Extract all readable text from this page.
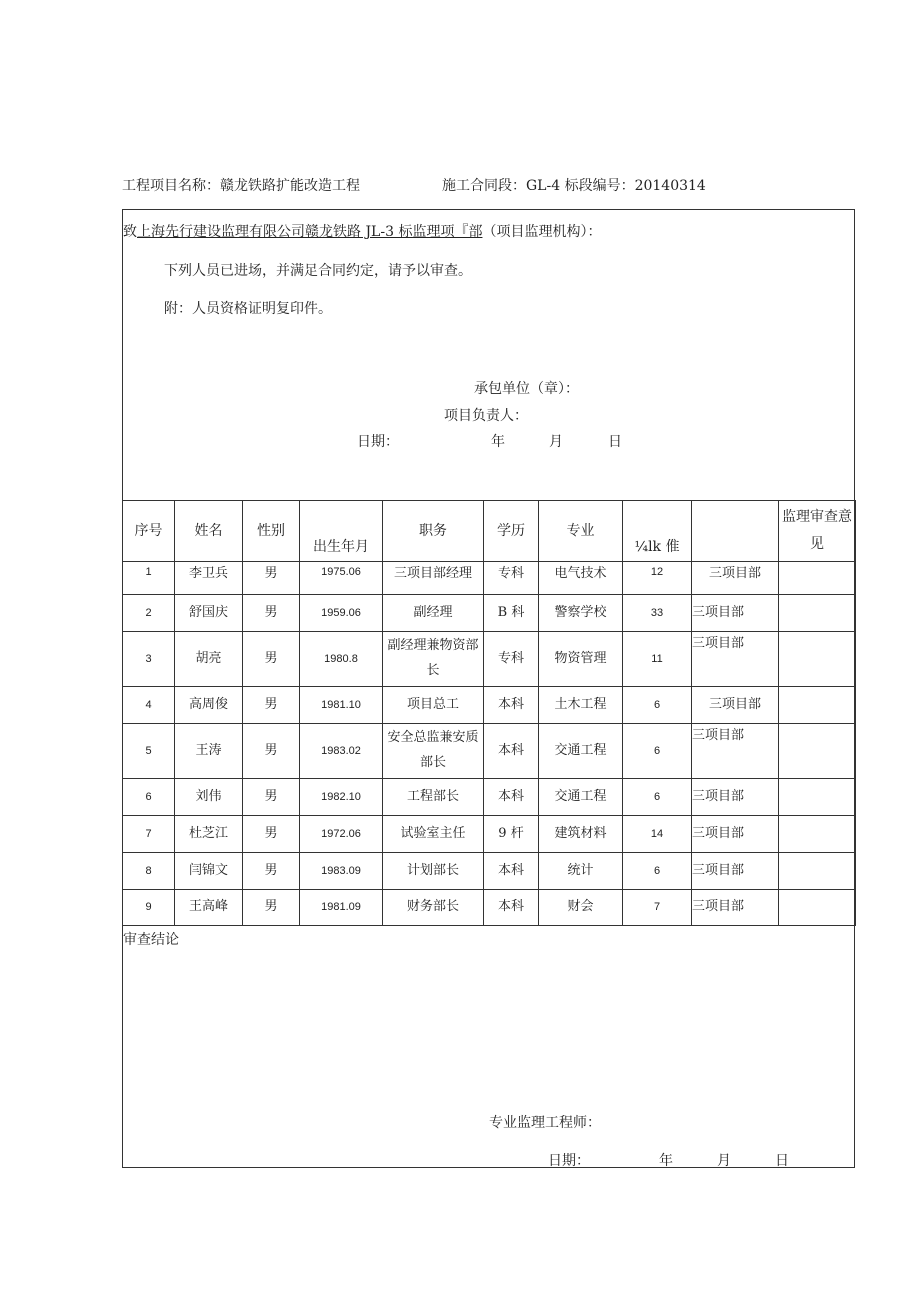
工程项目名称：赣龙铁路扩能改造工程	施工合同段：GL-4 标段编号：20140314
致上海先行建设监理有限公司赣龙铁路 JL-3 标监理项『部（项目监理机构）：
下列人员已进场，并满足合同约定，请予以审查。
附：人员资格证明复印件。
承包单位（章）：
项目负责人：
日期：	年	月	日
序号	姓名	性别	出生年月	职务	学历	专业	¼lk 倠		监理审查意见
1	李卫兵	男	1975.06	三项目部经理	专科	电气技术	12	三项目部	
2	舒国庆	男	1959.06	副经理	B 科	警察学校	33	三项目部	
3	胡亮	男	1980.8	副经理兼物资部长	专科	物资管理	11	三项目部	
4	高周俊	男	1981.10	项目总工	本科	土木工程	6	三项目部	
5	王涛	男	1983.02	安全总监兼安质部长	本科	交通工程	6	三项目部	
6	刘伟	男	1982.10	工程部长	本科	交通工程	6	三项目部	
7	杜芝江	男	1972.06	试验室主任	9 杆	建筑材料	14	三项目部	
8	闫锦文	男	1983.09	计划部长	本科	统计	6	三项目部	
9	王高峰	男	1981.09	财务部长	本科	财会	7	三项目部	
审查结论
专业监理工程师：
日期：	年	月	日
